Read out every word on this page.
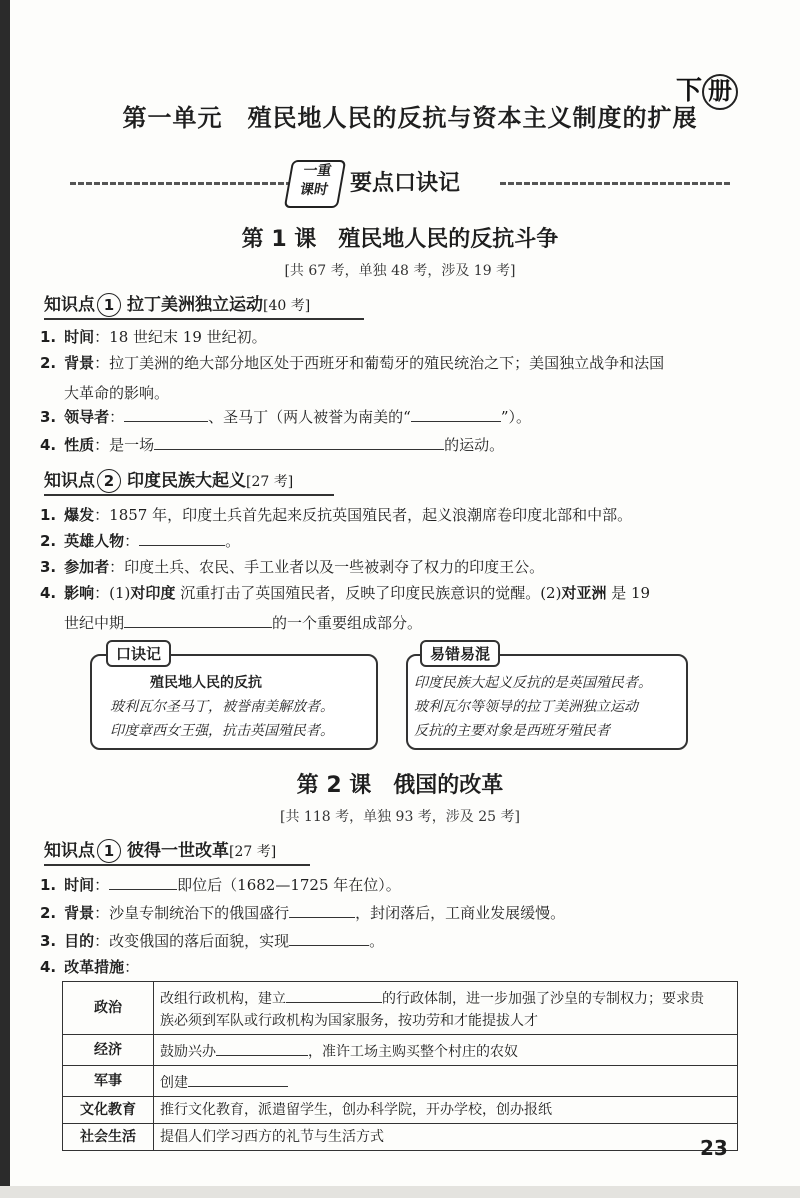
下 册
第一单元　殖民地人民的反抗与资本主义制度的扩展
一重
课时 要点口诀记
第 1 课　殖民地人民的反抗斗争
[共 67 考，单独 48 考，涉及 19 考]
知识点 1 拉丁美洲独立运动[40 考]
1. 时间：18 世纪末 19 世纪初。
2. 背景：拉丁美洲的绝大部分地区处于西班牙和葡萄牙的殖民统治之下；美国独立战争和法国
大革命的影响。
3. 领导者：	、圣马丁（两人被誉为南美的“	”）。
4. 性质：是一场	的运动。
知识点 2 印度民族大起义[27 考]
1. 爆发：1857 年，印度土兵首先起来反抗英国殖民者，起义浪潮席卷印度北部和中部。
2. 英雄人物：	。
3. 参加者：印度土兵、农民、手工业者以及一些被剥夺了权力的印度王公。
4. 影响：(1)对印度 沉重打击了英国殖民者，反映了印度民族意识的觉醒。(2)对亚洲 是 19
世纪中期	的一个重要组成部分。
口诀记
殖民地人民的反抗
玻利瓦尔圣马丁，被誉南美解放者。
印度章西女王强，抗击英国殖民者。
易错易混
印度民族大起义反抗的是英国殖民者。
玻利瓦尔等领导的拉丁美洲独立运动
反抗的主要对象是西班牙殖民者
第 2 课　俄国的改革
[共 118 考，单独 93 考，涉及 25 考]
知识点 1 彼得一世改革[27 考]
1. 时间：	即位后（1682—1725 年在位）。
2. 背景：沙皇专制统治下的俄国盛行	，封闭落后，工商业发展缓慢。
3. 目的：改变俄国的落后面貌，实现	。
4. 改革措施：
政治	改组行政机构，建立 的行政体制，进一步加强了沙皇的专制权力；要求贵
族必须到军队或行政机构为国家服务，按功劳和才能提拔人才
经济	鼓励兴办 ，准许工场主购买整个村庄的农奴
军事	创建
文化教育	推行文化教育，派遣留学生，创办科学院，开办学校，创办报纸
社会生活	提倡人们学习西方的礼节与生活方式	23
